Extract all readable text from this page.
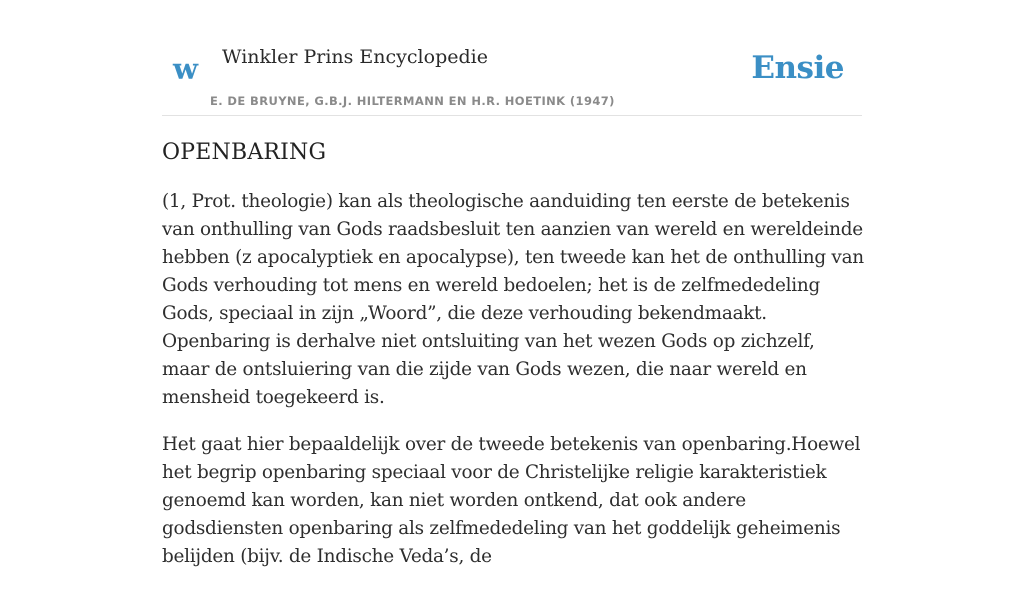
w Winkler Prins Encyclopedie
E. DE BRUYNE, G.B.J. HILTERMANN EN H.R. HOETINK (1947)
Ensie
OPENBARING

(1, Prot. theologie) kan als theologische aanduiding ten eerste de betekenis van onthulling van Gods raadsbesluit ten aanzien van wereld en wereldeinde hebben (z apocalyptiek en apocalypse), ten tweede kan het de onthulling van Gods verhouding tot mens en wereld bedoelen; het is de zelfmededeling Gods, speciaal in zijn „Woord”, die deze verhouding bekendmaakt. Openbaring is derhalve niet ontsluiting van het wezen Gods op zichzelf, maar de ontsluiering van die zijde van Gods wezen, die naar wereld en mensheid toegekeerd is.

Het gaat hier bepaaldelijk over de tweede betekenis van openbaring.Hoewel het begrip openbaring speciaal voor de Christelijke religie karakteristiek genoemd kan worden, kan niet worden ontkend, dat ook andere godsdiensten openbaring als zelfmededeling van het goddelijk geheimenis belijden (bijv. de Indische Veda’s, de
